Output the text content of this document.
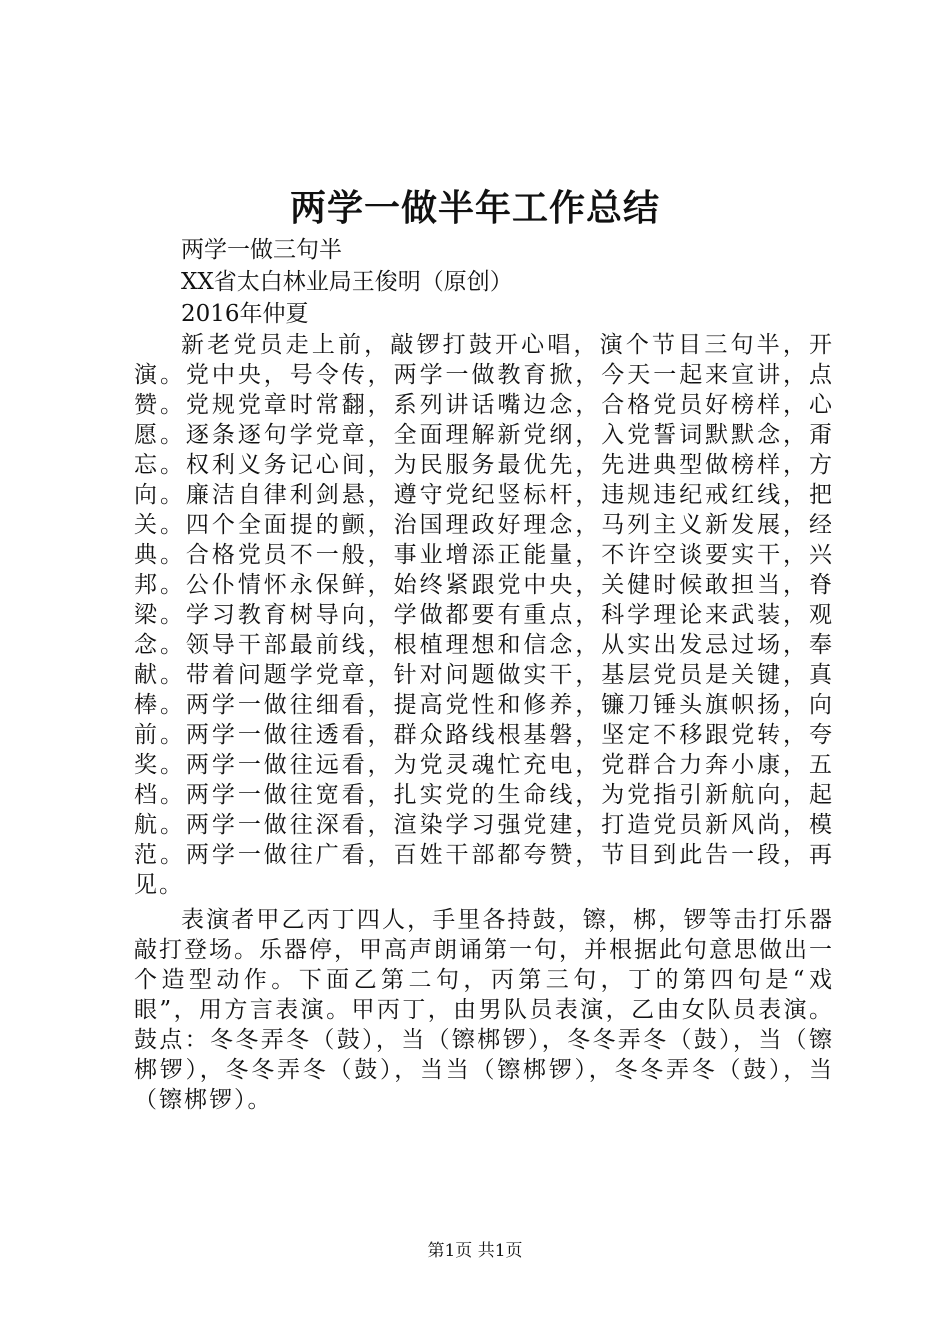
两学一做半年工作总结

两学一做三句半

XX省太白林业局王俊明（原创）

2016年仲夏

新老党员走上前，敲锣打鼓开心唱，演个节目三句半，开演。党中央，号令传，两学一做教育掀，今天一起来宣讲，点赞。党规党章时常翻，系列讲话嘴边念，合格党员好榜样，心愿。逐条逐句学党章，全面理解新党纲，入党誓词默默念，甭忘。权利义务记心间，为民服务最优先，先进典型做榜样，方向。廉洁自律利剑悬，遵守党纪竖标杆，违规违纪戒红线，把关。四个全面提的颤，治国理政好理念，马列主义新发展，经典。合格党员不一般，事业增添正能量，不许空谈要实干，兴邦。公仆情怀永保鲜，始终紧跟党中央，关健时候敢担当，脊梁。学习教育树导向，学做都要有重点，科学理论来武装，观念。领导干部最前线，根植理想和信念，从实出发忌过场，奉献。带着问题学党章，针对问题做实干，基层党员是关键，真棒。两学一做往细看，提高党性和修养，镰刀锤头旗帜扬，向前。两学一做往透看，群众路线根基磐，坚定不移跟党转，夸奖。两学一做往远看，为党灵魂忙充电，党群合力奔小康，五档。两学一做往宽看，扎实党的生命线，为党指引新航向，起航。两学一做往深看，渲染学习强党建，打造党员新风尚，模范。两学一做往广看，百姓干部都夸赞，节目到此告一段，再见。

表演者甲乙丙丁四人，手里各持鼓，镲，梆，锣等击打乐器敲打登场。乐器停，甲高声朗诵第一句，并根据此句意思做出一个造型动作。下面乙第二句，丙第三句，丁的第四句是“戏眼”，用方言表演。甲丙丁，由男队员表演，乙由女队员表演。鼓点：冬冬弄冬（鼓），当（镲梆锣），冬冬弄冬（鼓），当（镲梆锣），冬冬弄冬（鼓），当当（镲梆锣），冬冬弄冬（鼓），当（镲梆锣）。

第1页 共1页
